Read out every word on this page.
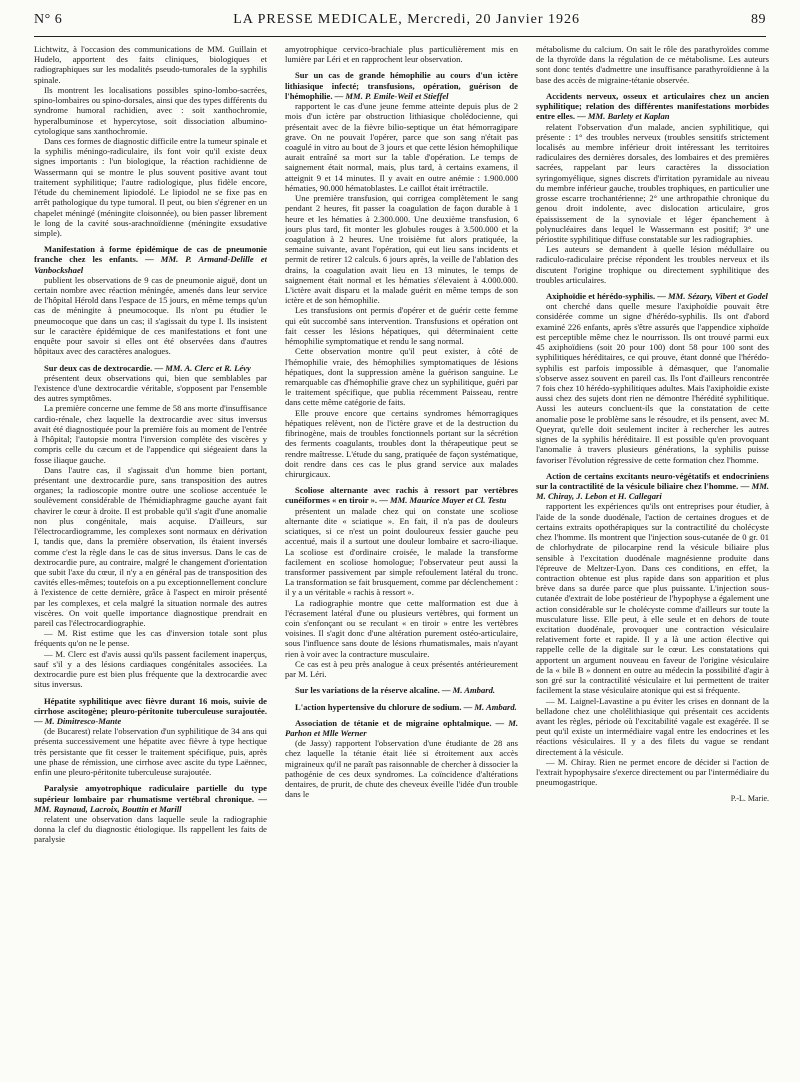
N° 6	LA PRESSE MEDICALE, Mercredi, 20 Janvier 1926	89

Lichtwitz, à l'occasion des communications de MM. Guillain et Hudelo, apportent des faits cliniques, biologiques et radiographiques sur les modalités pseudo-tumorales de la syphilis spinale.

Ils montrent les localisations possibles spino-lombo-sacrées, spino-lombaires ou spino-dorsales, ainsi que des types différents du syndrome humoral rachidien, avec : soit xanthochromie, hyperalbuminose et hypercytose, soit dissociation albumino-cytologique sans xanthochromie.

Dans ces formes de diagnostic difficile entre la tumeur spinale et la syphilis méningo-radiculaire, ils font voir qu'il existe deux signes importants : l'un biologique, la réaction rachidienne de Wassermann qui se montre le plus souvent positive avant tout traitement syphilitique; l'autre radiologique, plus fidèle encore, l'étude du cheminement lipiodolé. Le lipiodol ne se fixe pas en arrêt pathologique du type tumoral. Il peut, ou bien s'égrener en un chapelet méningé (méningite cloisonnée), ou bien passer librement le long de la cavité sous-arachnoïdienne (méningite exsudative simple).

Manifestation à forme épidémique de cas de pneumonie franche chez les enfants. — MM. P. Armand-Delille et Vanbockshael

publient les observations de 9 cas de pneumonie aiguë, dont un certain nombre avec réaction méningée, amenés dans leur service de l'hôpital Hérold dans l'espace de 15 jours, en même temps qu'un cas de méningite à pneumocoque. Ils n'ont pu étudier le pneumocoque que dans un cas; il s'agissait du type I. Ils insistent sur le caractère épidémique de ces manifestations et font une enquête pour savoir si elles ont été observées dans d'autres hôpitaux avec des caractères analogues.

Sur deux cas de dextrocardie. — MM. A. Clerc et R. Lévy

présentent deux observations qui, bien que semblables par l'existence d'une dextrocardie véritable, s'opposent par l'ensemble des autres symptômes.

La première concerne une femme de 58 ans morte d'insuffisance cardio-rénale, chez laquelle la dextrocardie avec situs inversus avait été diagnostiquée pour la première fois au moment de l'entrée à l'hôpital; l'autopsie montra l'inversion complète des viscères y compris celle du cæcum et de l'appendice qui siégeaient dans la fosse iliaque gauche.

Dans l'autre cas, il s'agissait d'un homme bien portant, présentant une dextrocardie pure, sans transposition des autres organes; la radioscopie montre outre une scoliose accentuée le soulèvement considérable de l'hémidiaphragme gauche ayant fait chavirer le cœur à droite. Il est probable qu'il s'agit d'une anomalie non plus congénitale, mais acquise. D'ailleurs, sur l'électrocardiogramme, les complexes sont normaux en dérivation I, tandis que, dans la première observation, ils étaient inversés comme c'est la règle dans le cas de situs inversus. Dans le cas de dextrocardie pure, au contraire, malgré le changement d'orientation que subit l'axe du cœur, il n'y a en général pas de transposition des cavités elles-mêmes; toutefois on a pu exceptionnellement conclure à l'existence de cette dernière, grâce à l'aspect en miroir présenté par les complexes, et cela malgré la situation normale des autres viscères. On voit quelle importance diagnostique prendrait en pareil cas l'électrocardiographie.

— M. Rist estime que les cas d'inversion totale sont plus fréquents qu'on ne le pense.

— M. Clerc est d'avis aussi qu'ils passent facilement inaperçus, sauf s'il y a des lésions cardiaques congénitales associées. La dextrocardie pure est bien plus fréquente que la dextrocardie avec situs inversus.

Hépatite syphilitique avec fièvre durant 16 mois, suivie de cirrhose ascitogène; pleuro-péritonite tuberculeuse surajoutée. — M. Dimitresco-Mante

(de Bucarest) relate l'observation d'un syphilitique de 34 ans qui présenta successivement une hépatite avec fièvre à type hectique très persistante que fit cesser le traitement spécifique, puis, après une phase de rémission, une cirrhose avec ascite du type Laënnec, enfin une pleuro-péritonite tuberculeuse surajoutée.

Paralysie amyotrophique radiculaire partielle du type supérieur lombaire par rhumatisme vertébral chronique. — MM. Raynaud, Lacroix, Bouttin et Marill

relatent une observation dans laquelle seule la radiographie donna la clef du diagnostic étiologique. Ils rappellent les faits de paralysie

amyotrophique cervico-brachiale plus particulièrement mis en lumière par Léri et en rapprochent leur observation.

Sur un cas de grande hémophilie au cours d'un ictère lithiasique infecté; transfusions, opération, guérison de l'hémophilie. — MM. P. Emile-Weil et Stieffel

rapportent le cas d'une jeune femme atteinte depuis plus de 2 mois d'un ictère par obstruction lithiasique cholédocienne, qui présentait avec de la fièvre bilio-septique un état hémorragipare grave. On ne pouvait l'opérer, parce que son sang n'était pas coagulé in vitro au bout de 3 jours et que cette lésion hémophilique aurait entraîné sa mort sur la table d'opération. Le temps de saignement était normal, mais, plus tard, à certains examens, il atteignit 9 et 14 minutes. Il y avait en outre anémie : 1.900.000 hématies, 90.000 hématoblastes. Le caillot était irrétractile.

Une première transfusion, qui corrigea complètement le sang pendant 2 heures, fit passer la coagulation de façon durable à 1 heure et les hématies à 2.300.000. Une deuxième transfusion, 6 jours plus tard, fit monter les globules rouges à 3.500.000 et la coagulation à 2 heures. Une troisième fut alors pratiquée, la semaine suivante, avant l'opération, qui eut lieu sans incidents et permit de retirer 12 calculs. 6 jours après, la veille de l'ablation des drains, la coagulation avait lieu en 13 minutes, le temps de saignement était normal et les hématies s'élevaient à 4.000.000. L'ictère avait disparu et la malade guérit en même temps de son ictère et de son hémophilie.

Les transfusions ont permis d'opérer et de guérir cette femme qui eût succombé sans intervention. Transfusions et opération ont fait cesser les lésions hépatiques, qui déterminaient cette hémophilie symptomatique et rendu le sang normal.

Cette observation montre qu'il peut exister, à côté de l'hémophilie vraie, des hémophilies symptomatiques de lésions hépatiques, dont la suppression amène la guérison sanguine. Le remarquable cas d'hémophilie grave chez un syphilitique, guéri par le traitement spécifique, que publia récemment Paisseau, rentre dans cette même catégorie de faits.

Elle prouve encore que certains syndromes hémorragiques hépatiques relèvent, non de l'ictère grave et de la destruction du fibrinogène, mais de troubles fonctionnels portant sur la sécrétion des ferments coagulants, troubles dont la thérapeutique peut se rendre maîtresse. L'étude du sang, pratiquée de façon systématique, doit rendre dans ces cas le plus grand service aux malades chirurgicaux.

Scoliose alternante avec rachis à ressort par vertèbres cunéiformes « en tiroir ». — MM. Maurice Mayer et Cl. Testu

présentent un malade chez qui on constate une scoliose alternante dite « sciatique ». En fait, il n'a pas de douleurs sciatiques, si ce n'est un point douloureux fessier gauche peu accentué, mais il a surtout une douleur lombaire et sacro-iliaque. La scoliose est d'ordinaire croisée, le malade la transforme facilement en scoliose homologue; l'observateur peut aussi la transformer passivement par simple refoulement latéral du tronc. La transformation se fait brusquement, comme par déclenchement : il y a un véritable « rachis à ressort ».

La radiographie montre que cette malformation est due à l'écrasement latéral d'une ou plusieurs vertèbres, qui forment un coin s'enfonçant ou se reculant « en tiroir » entre les vertèbres voisines. Il s'agit donc d'une altération purement ostéo-articulaire, sous l'influence sans doute de lésions rhumatismales, mais n'ayant rien à voir avec la contracture musculaire.

Ce cas est à peu près analogue à ceux présentés antérieurement par M. Léri.

Sur les variations de la réserve alcaline. — M. Ambard.

L'action hypertensive du chlorure de sodium. — M. Ambard.

Association de tétanie et de migraine ophtalmique. — M. Parhon et Mlle Werner

(de Jassy) rapportent l'observation d'une étudiante de 28 ans chez laquelle la tétanie était liée si étroitement aux accès migraineux qu'il ne paraît pas raisonnable de chercher à dissocier la pathogénie de ces deux syndromes. La coïncidence d'altérations dentaires, de prurit, de chute des cheveux éveille l'idée d'un trouble dans le

métabolisme du calcium. On sait le rôle des parathyroïdes comme de la thyroïde dans la régulation de ce métabolisme. Les auteurs sont donc tentés d'admettre une insuffisance parathyroïdienne à la base des accès de migraine-tétanie observée.

Accidents nerveux, osseux et articulaires chez un ancien syphilitique; relation des différentes manifestations morbides entre elles. — MM. Barlety et Kaplan

relatent l'observation d'un malade, ancien syphilitique, qui présente : 1° des troubles nerveux (troubles sensitifs strictement localisés au membre inférieur droit intéressant les territoires radiculaires des dernières dorsales, des lombaires et des premières sacrées, rappelant par leurs caractères la dissociation syringomyélique, signes discrets d'irritation pyramidale au niveau du membre inférieur gauche, troubles trophiques, en particulier une grosse escarre trochantérienne; 2° une arthropathie chronique du genou droit indolente, avec dislocation articulaire, gros épaississement de la synoviale et léger épanchement à polynucléaires dans lequel le Wassermann est positif; 3° une périostite syphilitique diffuse constatable sur les radiographies.

Les auteurs se demandent à quelle lésion médullaire ou radiculo-radiculaire précise répondent les troubles nerveux et ils discutent l'origine trophique ou directement syphilitique des troubles articulaires.

Axiphoïdie et hérédo-syphilis. — MM. Sézary, Vibert et Godel

ont cherché dans quelle mesure l'axiphoïdie pouvait être considérée comme un signe d'hérédo-syphilis. Ils ont d'abord examiné 226 enfants, après s'être assurés que l'appendice xiphoïde est perceptible même chez le nourrisson. Ils ont trouvé parmi eux 45 axiphoïdiens (soit 20 pour 100) dont 58 pour 100 sont des syphilitiques héréditaires, ce qui prouve, étant donné que l'hérédo-syphilis est parfois impossible à démasquer, que l'anomalie s'observe assez souvent en pareil cas. Ils l'ont d'ailleurs rencontrée 7 fois chez 10 hérédo-syphilitiques adultes. Mais l'axiphoïdie existe aussi chez des sujets dont rien ne démontre l'hérédité syphilitique. Aussi les auteurs concluent-ils que la constatation de cette anomalie pose le problème sans le résoudre, et ils pensent, avec M. Queyrat, qu'elle doit seulement inciter à rechercher les autres signes de la syphilis héréditaire. Il est possible qu'en provoquant l'anomalie à travers plusieurs générations, la syphilis puisse favoriser l'évolution régressive de cette formation chez l'homme.

Action de certains excitants neuro-végétatifs et endocriniens sur la contractilité de la vésicule biliaire chez l'homme. — MM. M. Chiray, J. Lebon et H. Callegari

rapportent les expériences qu'ils ont entreprises pour étudier, à l'aide de la sonde duodénale, l'action de certaines drogues et de certains extraits opothérapiques sur la contractilité du cholécyste chez l'homme. Ils montrent que l'injection sous-cutanée de 0 gr. 01 de chlorhydrate de pilocarpine rend la vésicule biliaire plus sensible à l'excitation duodénale magnésienne produite dans l'épreuve de Meltzer-Lyon. Dans ces conditions, en effet, la contraction obtenue est plus rapide dans son apparition et plus brève dans sa durée parce que plus puissante. L'injection sous-cutanée d'extrait de lobe postérieur de l'hypophyse a également une action considérable sur le cholécyste comme d'ailleurs sur toute la musculature lisse. Elle peut, à elle seule et en dehors de toute excitation duodénale, provoquer une contraction vésiculaire relativement forte et rapide. Il y a là une action élective qui rappelle celle de la digitale sur le cœur. Les constatations qui apportent un argument nouveau en faveur de l'origine vésiculaire de la « bile B » donnent en outre au médecin la possibilité d'agir à son gré sur la contractilité vésiculaire et lui permettent de traiter facilement la stase vésiculaire atonique qui est si fréquente.

— M. Laignel-Lavastine a pu éviter les crises en donnant de la belladone chez une cholélithiasique qui présentait ces accidents avant les règles, période où l'excitabilité vagale est exagérée. Il se peut qu'il existe un intermédiaire vagal entre les endocrines et les réactions vésiculaires. Il y a des filets du vague se rendant directement à la vésicule.

— M. Chiray. Rien ne permet encore de décider si l'action de l'extrait hypophysaire s'exerce directement ou par l'intermédiaire du pneumogastrique.

P.-L. Marie.
